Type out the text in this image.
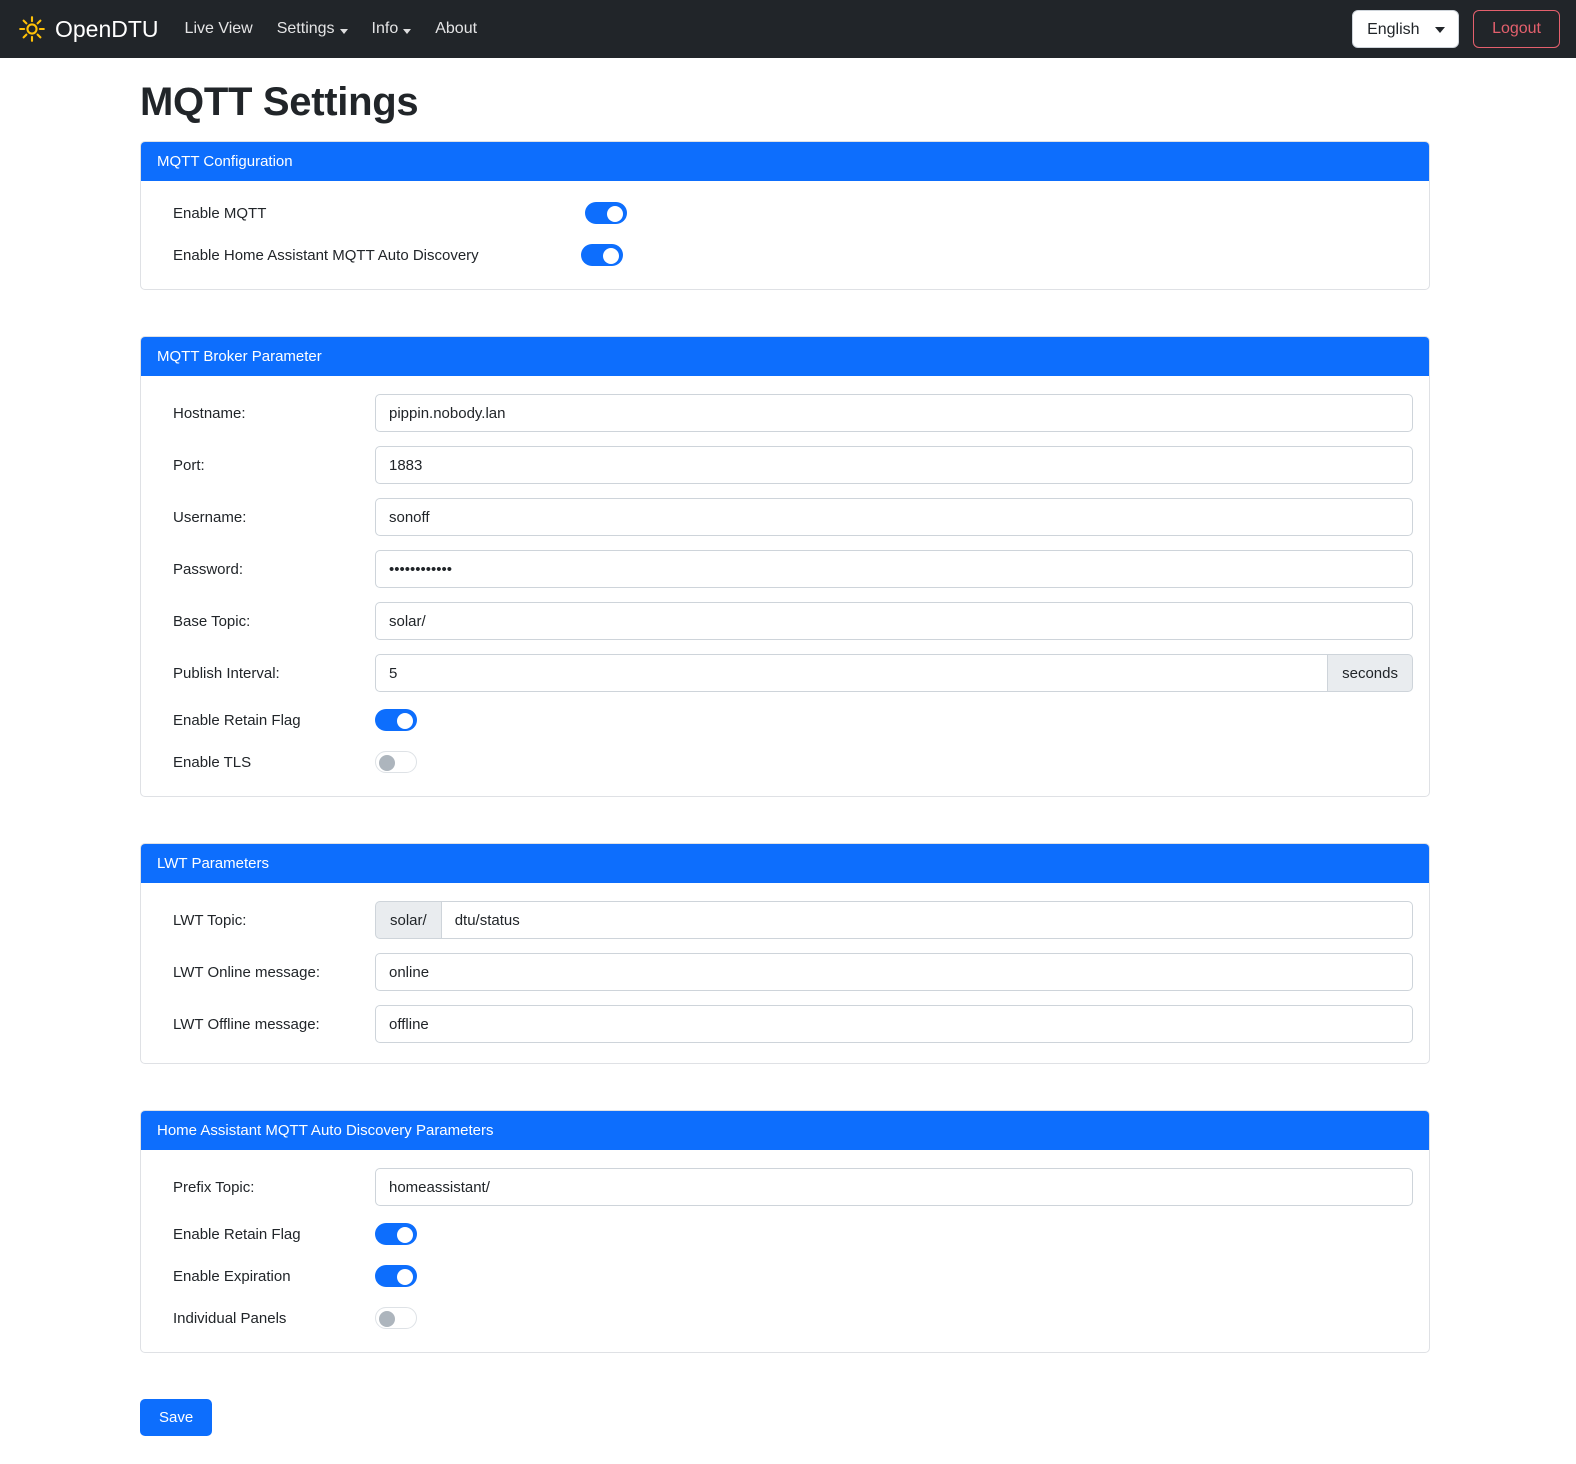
OpenDTU Live View Settings Info About
English	Logout
MQTT Settings
MQTT Configuration
Enable MQTT
Enable Home Assistant MQTT Auto Discovery
MQTT Broker Parameter
Hostname:
pippin.nobody.lan
Port:
1883
Username:
sonoff
Password:
••••••••••••
Base Topic:
solar/
Publish Interval:
5	seconds
Enable Retain Flag
Enable TLS
LWT Parameters
LWT Topic:	solar/
dtu/status
LWT Online message:
online
LWT Offline message:
offline
Home Assistant MQTT Auto Discovery Parameters
Prefix Topic:
homeassistant/
Enable Retain Flag
Enable Expiration
Individual Panels
Save
